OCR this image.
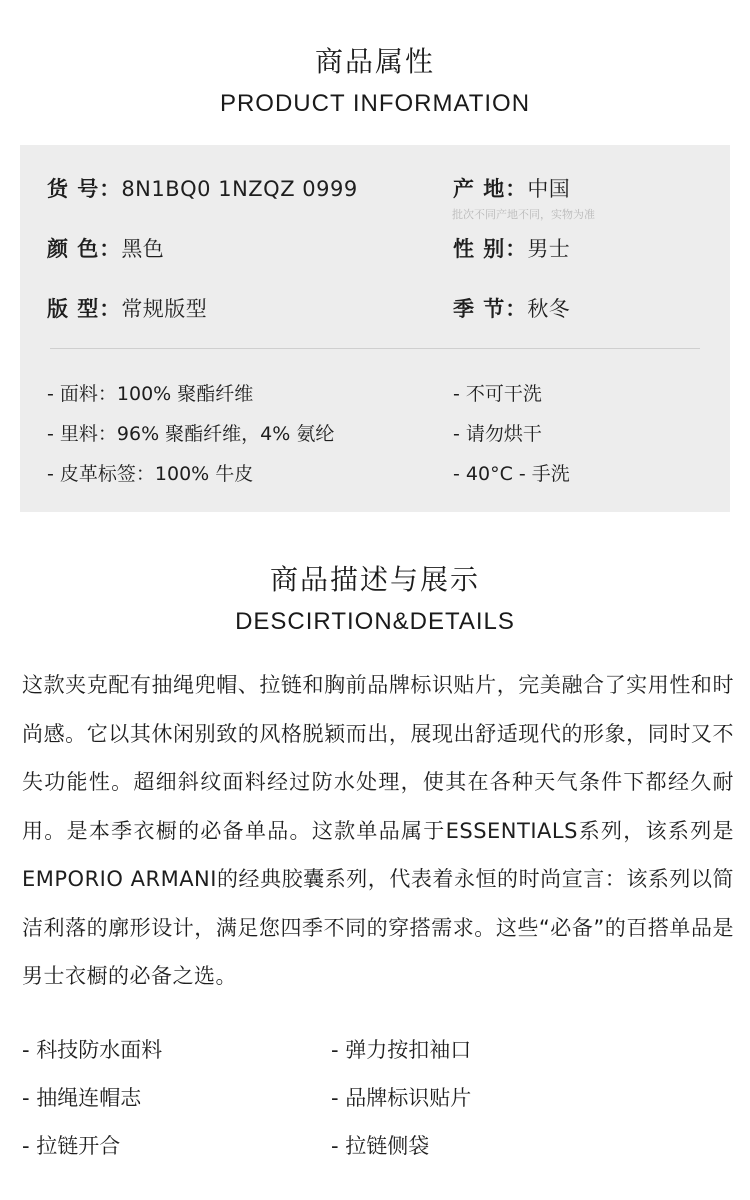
商品属性
PRODUCT INFORMATION
货 号：8N1BQ0 1NZQZ 0999	产 地：中国
批次不同产地不同，实物为准
颜 色：黑色	性 别：男士
版 型：常规版型	季 节：秋冬
- 面料：100% 聚酯纤维
- 里料：96% 聚酯纤维，4% 氨纶
- 皮革标签：100% 牛皮
- 不可干洗
- 请勿烘干
- 40°C - 手洗
商品描述与展示
DESCIRTION&DETAILS
这款夹克配有抽绳兜帽、拉链和胸前品牌标识贴片，完美融合了实用性和时尚感。它以其休闲别致的风格脱颖而出，展现出舒适现代的形象，同时又不失功能性。超细斜纹面料经过防水处理，使其在各种天气条件下都经久耐用。是本季衣橱的必备单品。这款单品属于ESSENTIALS系列，该系列是EMPORIO ARMANI的经典胶囊系列，代表着永恒的时尚宣言：该系列以简洁利落的廓形设计，满足您四季不同的穿搭需求。这些“必备”的百搭单品是男士衣橱的必备之选。
- 科技防水面料
- 抽绳连帽志
- 拉链开合
- 弹力按扣袖口
- 品牌标识贴片
- 拉链侧袋
